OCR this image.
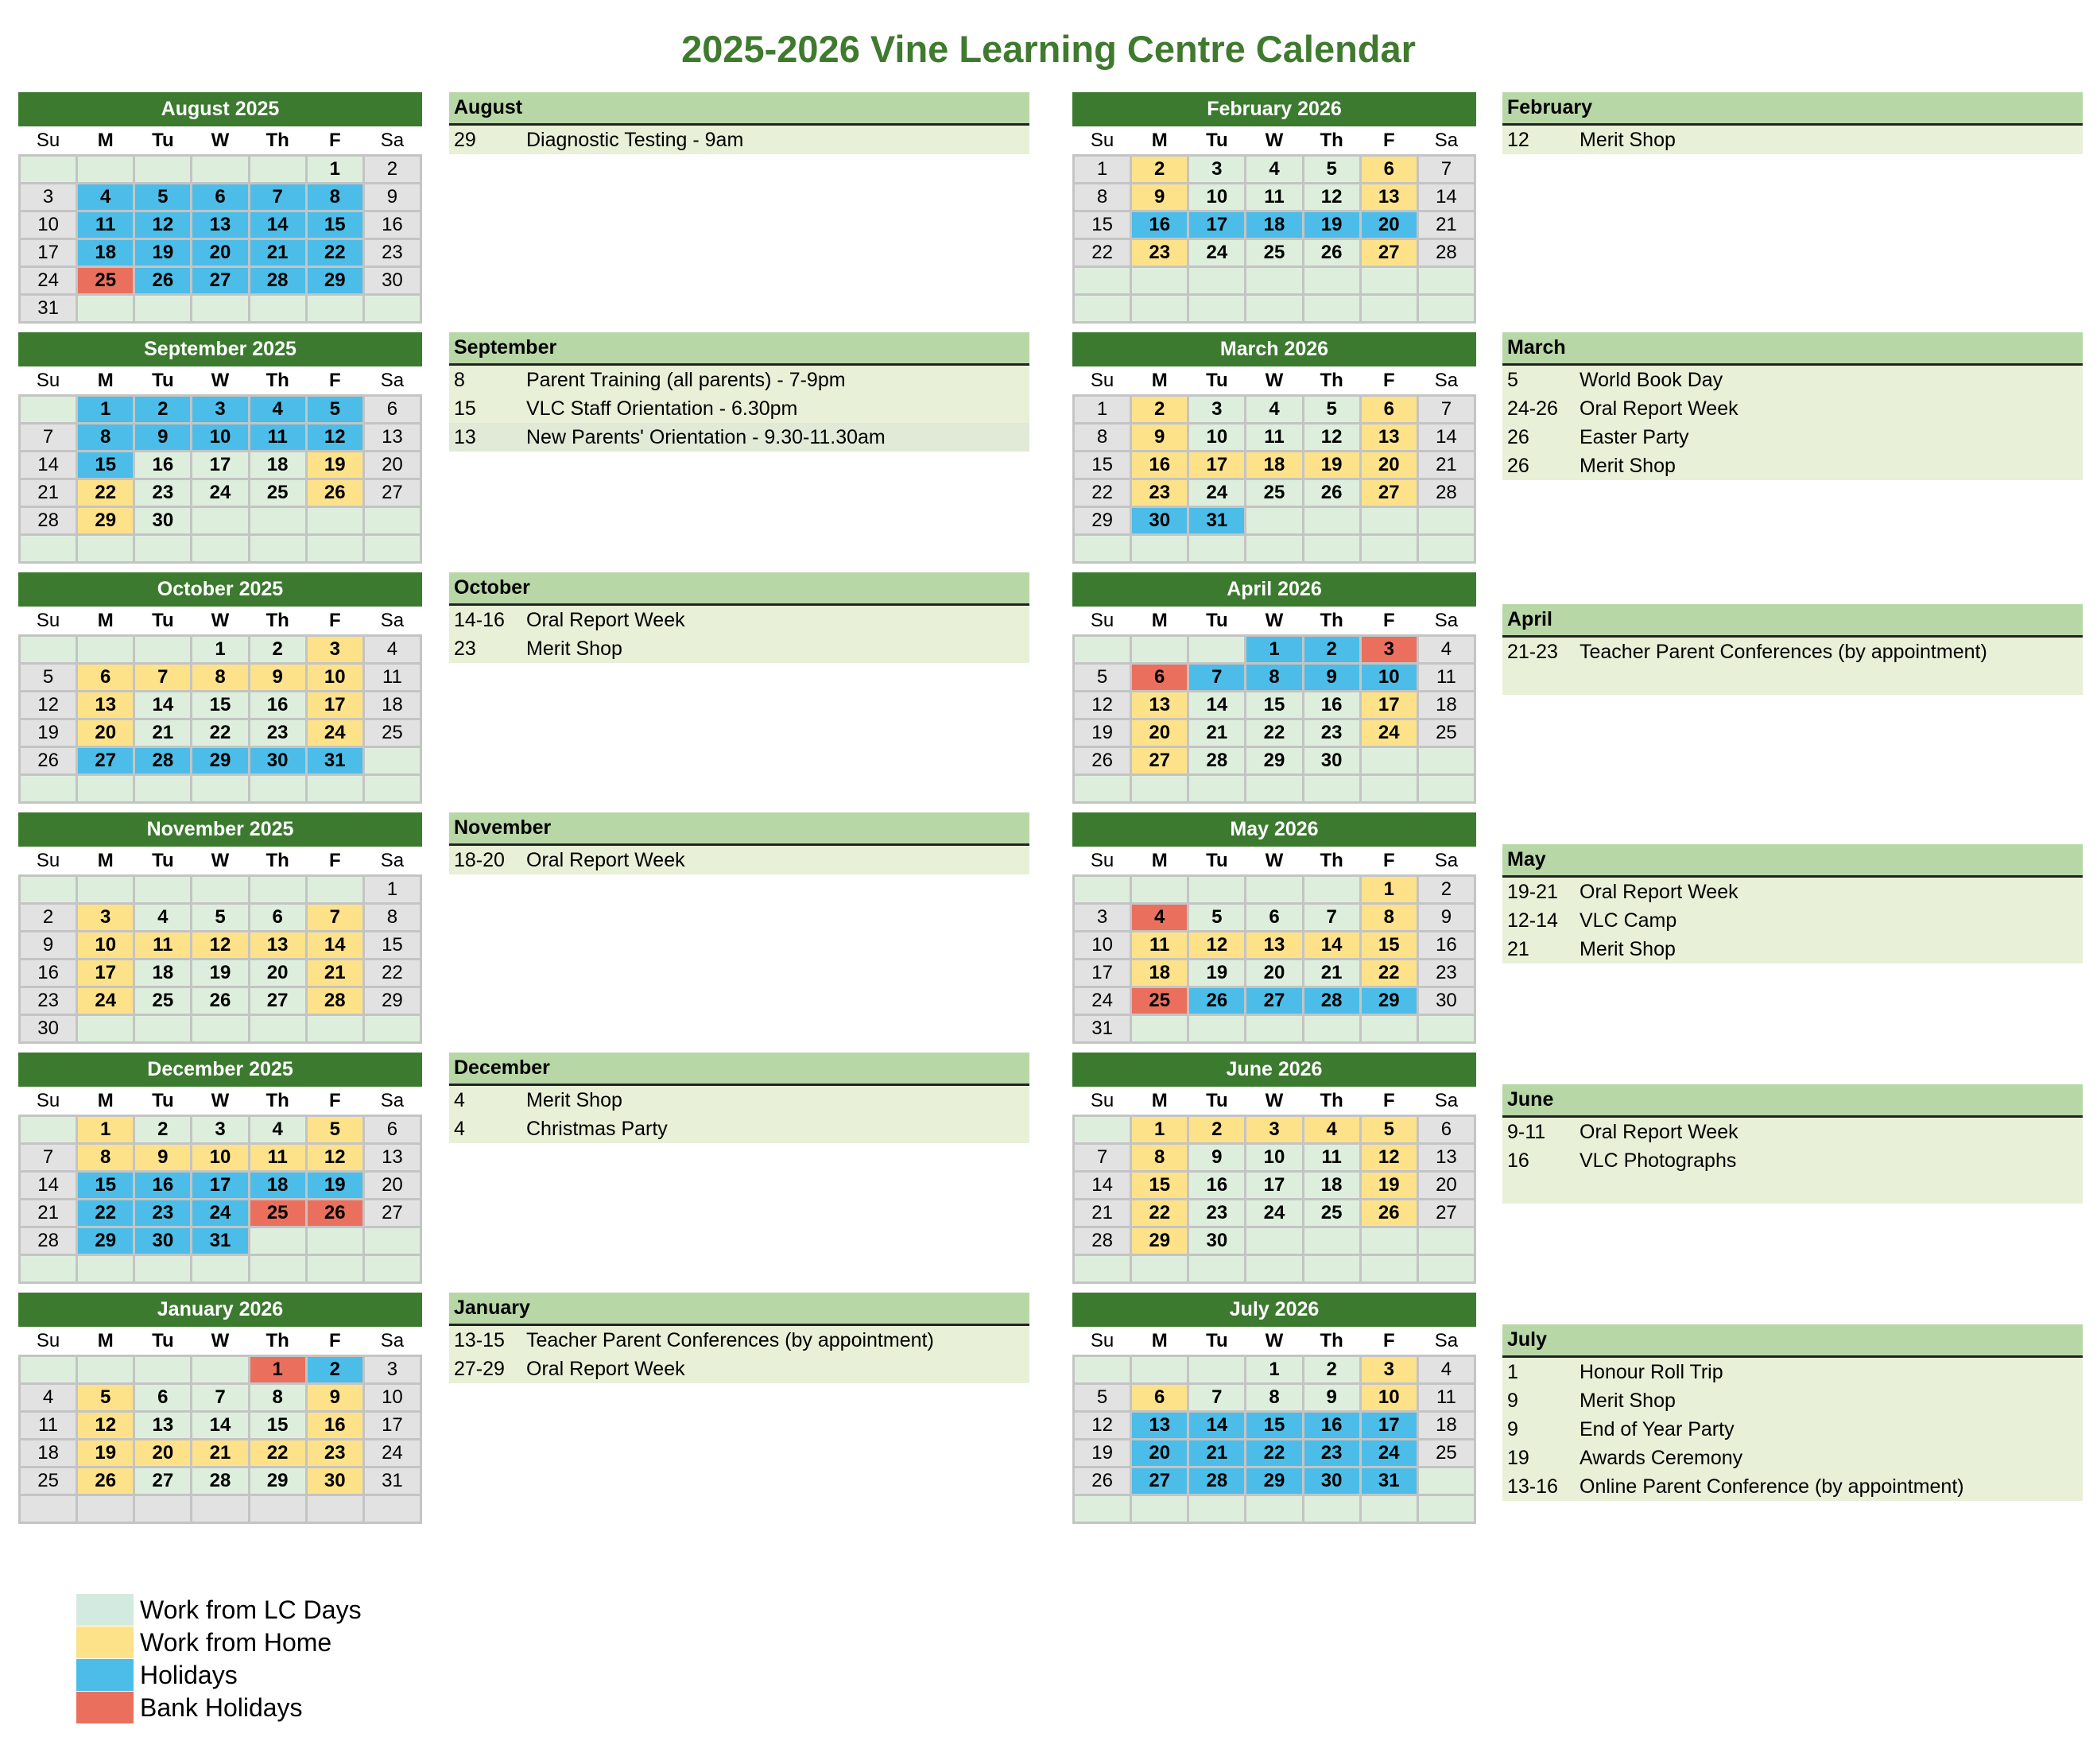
2025-2026 Vine Learning Centre Calendar
August 2025
Su	M	Tu	W	Th	F	Sa
					1	2
3	4	5	6	7	8	9
10	11	12	13	14	15	16
17	18	19	20	21	22	23
24	25	26	27	28	29	30
31						
August
29	Diagnostic Testing - 9am
September 2025
Su	M	Tu	W	Th	F	Sa
	1	2	3	4	5	6
7	8	9	10	11	12	13
14	15	16	17	18	19	20
21	22	23	24	25	26	27
28	29	30				

September
8	Parent Training (all parents) - 7-9pm
15	VLC Staff Orientation - 6.30pm
13	New Parents' Orientation - 9.30-11.30am
October 2025
Su	M	Tu	W	Th	F	Sa
			1	2	3	4
5	6	7	8	9	10	11
12	13	14	15	16	17	18
19	20	21	22	23	24	25
26	27	28	29	30	31	

October
14-16 Oral Report Week
23	Merit Shop
November 2025
Su	M	Tu	W	Th	F	Sa
						1
2	3	4	5	6	7	8
9	10	11	12	13	14	15
16	17	18	19	20	21	22
23	24	25	26	27	28	29
30						
November
18-20 Oral Report Week
December 2025
Su	M	Tu	W	Th	F	Sa
	1	2	3	4	5	6
7	8	9	10	11	12	13
14	15	16	17	18	19	20
21	22	23	24	25	26	27
28	29	30	31			

December
4	Merit Shop
4	Christmas Party
January 2026
Su	M	Tu	W	Th	F	Sa
				1	2	3
4	5	6	7	8	9	10
11	12	13	14	15	16	17
18	19	20	21	22	23	24
25	26	27	28	29	30	31

January
13-15 Teacher Parent Conferences (by appointment)
27-29 Oral Report Week
February 2026
Su	M	Tu	W	Th	F	Sa
1	2	3	4	5	6	7
8	9	10	11	12	13	14
15	16	17	18	19	20	21
22	23	24	25	26	27	28

February
12	Merit Shop
March 2026
Su	M	Tu	W	Th	F	Sa
1	2	3	4	5	6	7
8	9	10	11	12	13	14
15	16	17	18	19	20	21
22	23	24	25	26	27	28
29	30	31				

March
5	World Book Day
24-26 Oral Report Week
26	Easter Party
26	Merit Shop
April 2026
Su	M	Tu	W	Th	F	Sa
			1	2	3	4
5	6	7	8	9	10	11
12	13	14	15	16	17	18
19	20	21	22	23	24	25
26	27	28	29	30		

April
21-23 Teacher Parent Conferences (by appointment)
May 2026
Su	M	Tu	W	Th	F	Sa
					1	2
3	4	5	6	7	8	9
10	11	12	13	14	15	16
17	18	19	20	21	22	23
24	25	26	27	28	29	30
31						
May
19-21 Oral Report Week
12-14 VLC Camp
21	Merit Shop
June 2026
Su	M	Tu	W	Th	F	Sa
	1	2	3	4	5	6
7	8	9	10	11	12	13
14	15	16	17	18	19	20
21	22	23	24	25	26	27
28	29	30				

June
9-11 Oral Report Week
16	VLC Photographs
July 2026
Su	M	Tu	W	Th	F	Sa
			1	2	3	4
5	6	7	8	9	10	11
12	13	14	15	16	17	18
19	20	21	22	23	24	25
26	27	28	29	30	31	

July
1	Honour Roll Trip
9	Merit Shop
9	End of Year Party
19	Awards Ceremony
13-16 Online Parent Conference (by appointment)
Work from LC Days
Work from Home
Holidays
Bank Holidays
